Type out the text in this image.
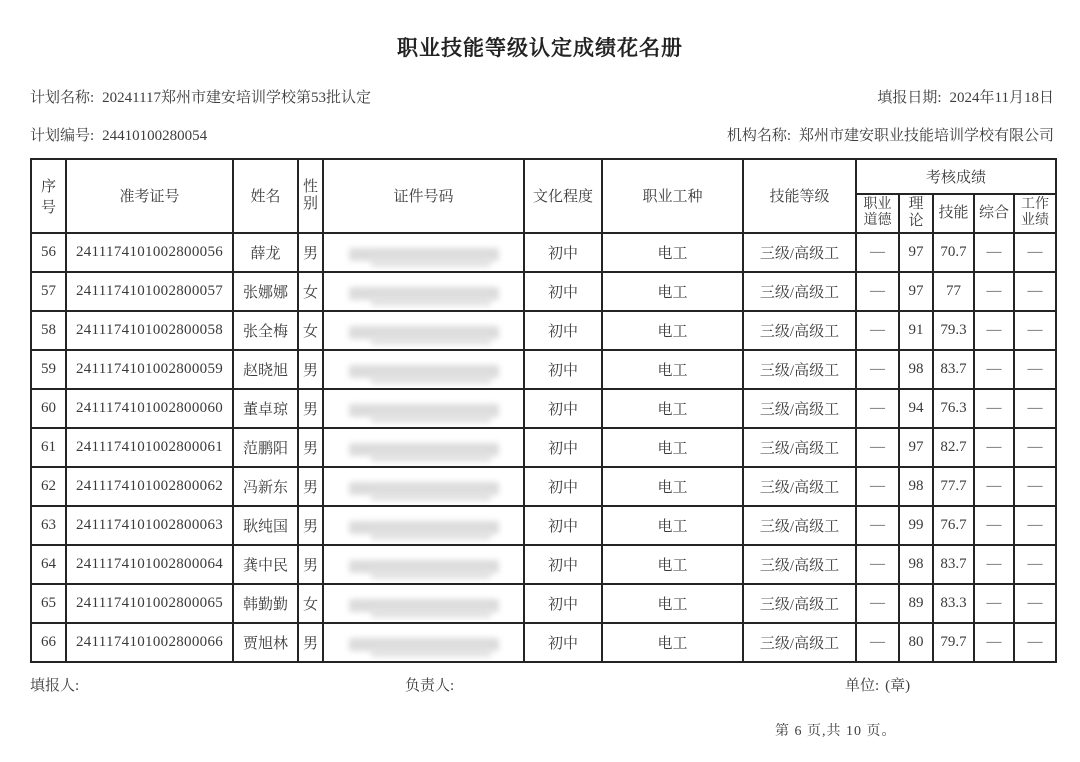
职业技能等级认定成绩花名册
计划名称: 20241117郑州市建安培训学校第53批认定	填报日期: 2024年11月18日
计划编号: 24410100280054	机构名称: 郑州市建安职业技能培训学校有限公司
序号	准考证号	姓名	性别	证件号码	文化程度	职业工种	技能等级	考核成绩				
								职业道德	理论	技能	综合	工作业绩
56	2411174101002800056	薛龙	男		初中	电工	三级/高级工	—	97	70.7	—	—
57	2411174101002800057	张娜娜	女		初中	电工	三级/高级工	—	97	77	—	—
58	2411174101002800058	张全梅	女		初中	电工	三级/高级工	—	91	79.3	—	—
59	2411174101002800059	赵晓旭	男		初中	电工	三级/高级工	—	98	83.7	—	—
60	2411174101002800060	董卓琼	男		初中	电工	三级/高级工	—	94	76.3	—	—
61	2411174101002800061	范鹏阳	男		初中	电工	三级/高级工	—	97	82.7	—	—
62	2411174101002800062	冯新东	男		初中	电工	三级/高级工	—	98	77.7	—	—
63	2411174101002800063	耿纯国	男		初中	电工	三级/高级工	—	99	76.7	—	—
64	2411174101002800064	龚中民	男		初中	电工	三级/高级工	—	98	83.7	—	—
65	2411174101002800065	韩勤勤	女		初中	电工	三级/高级工	—	89	83.3	—	—
66	2411174101002800066	贾旭林	男		初中	电工	三级/高级工	—	80	79.7	—	—
填报人:	负责人:	单位: (章)
第 6 页,共 10 页。
